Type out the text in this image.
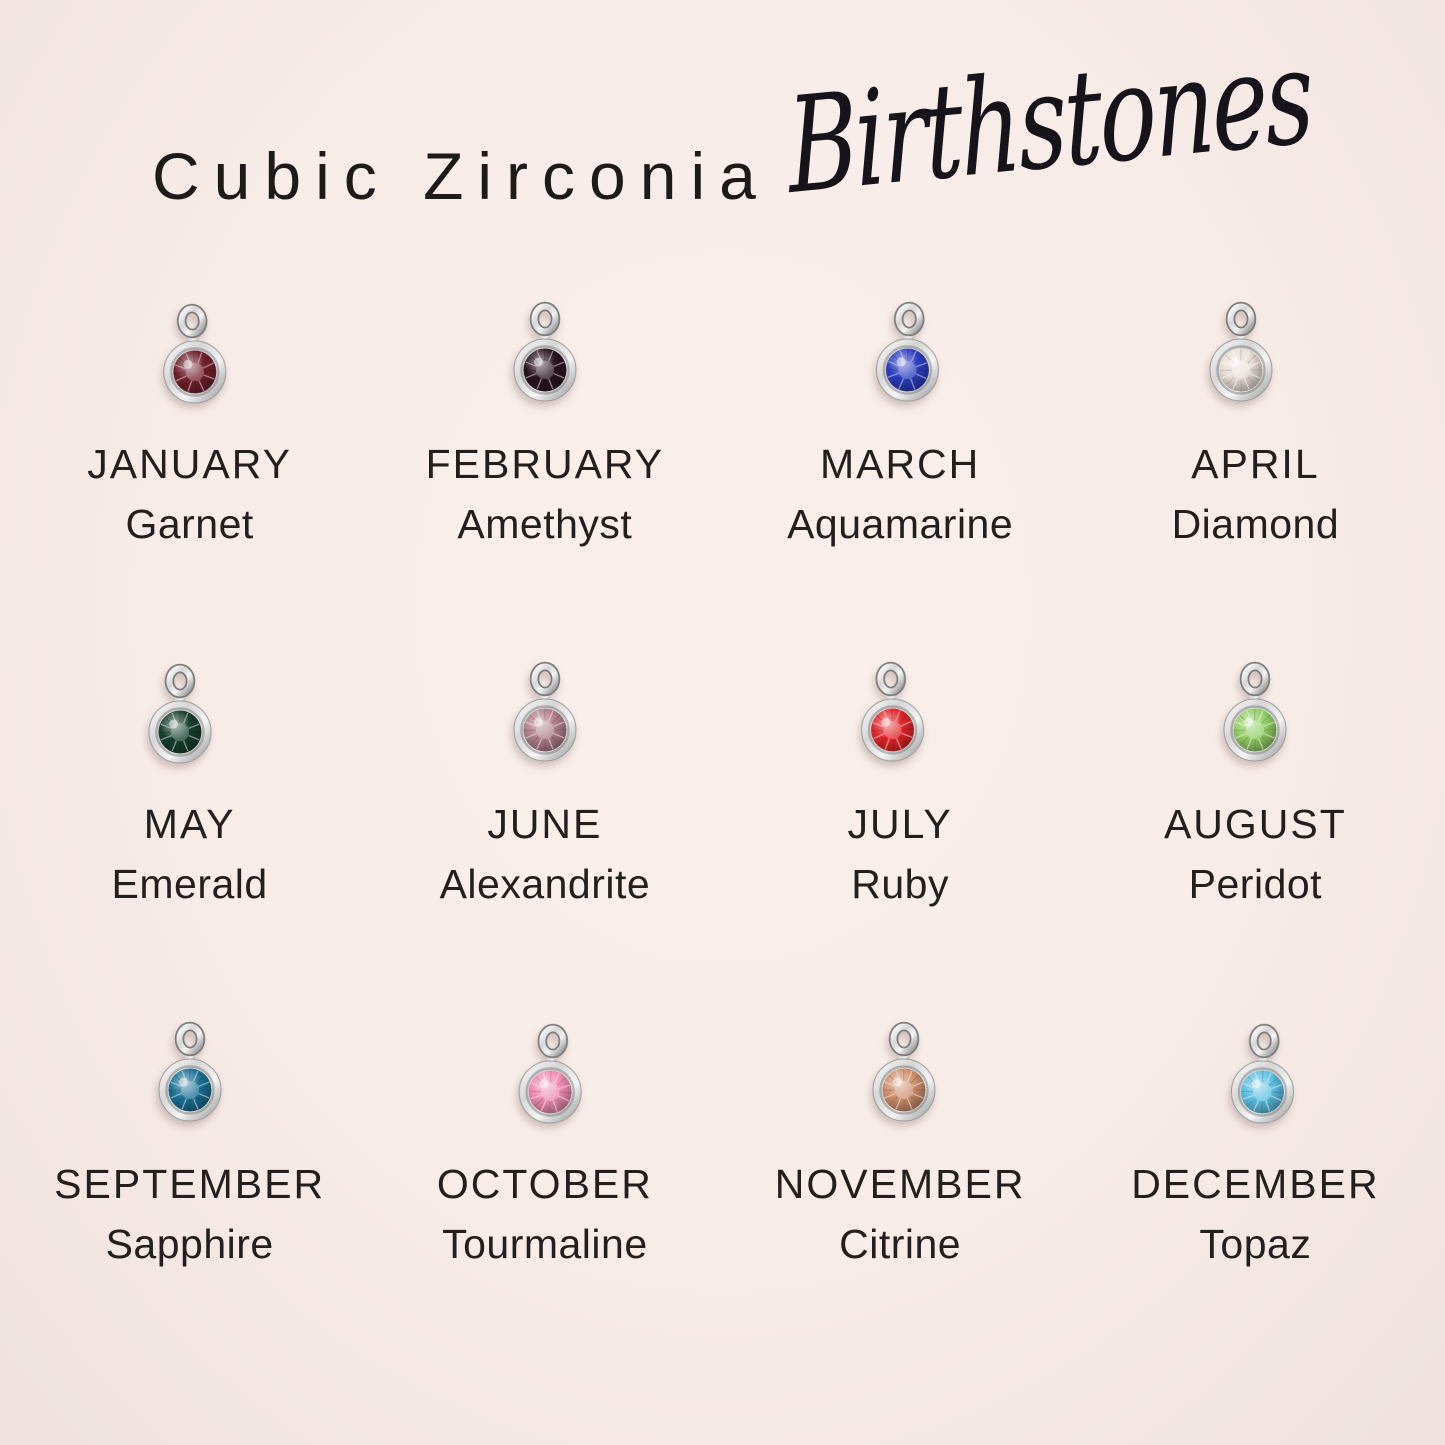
Cubic Zirconia Birthstones
JANUARY
Garnet
FEBRUARY
Amethyst
MARCH
Aquamarine
APRIL
Diamond
MAY
Emerald
JUNE
Alexandrite
JULY
Ruby
AUGUST
Peridot
SEPTEMBER
Sapphire
OCTOBER
Tourmaline
NOVEMBER
Citrine
DECEMBER
Topaz
